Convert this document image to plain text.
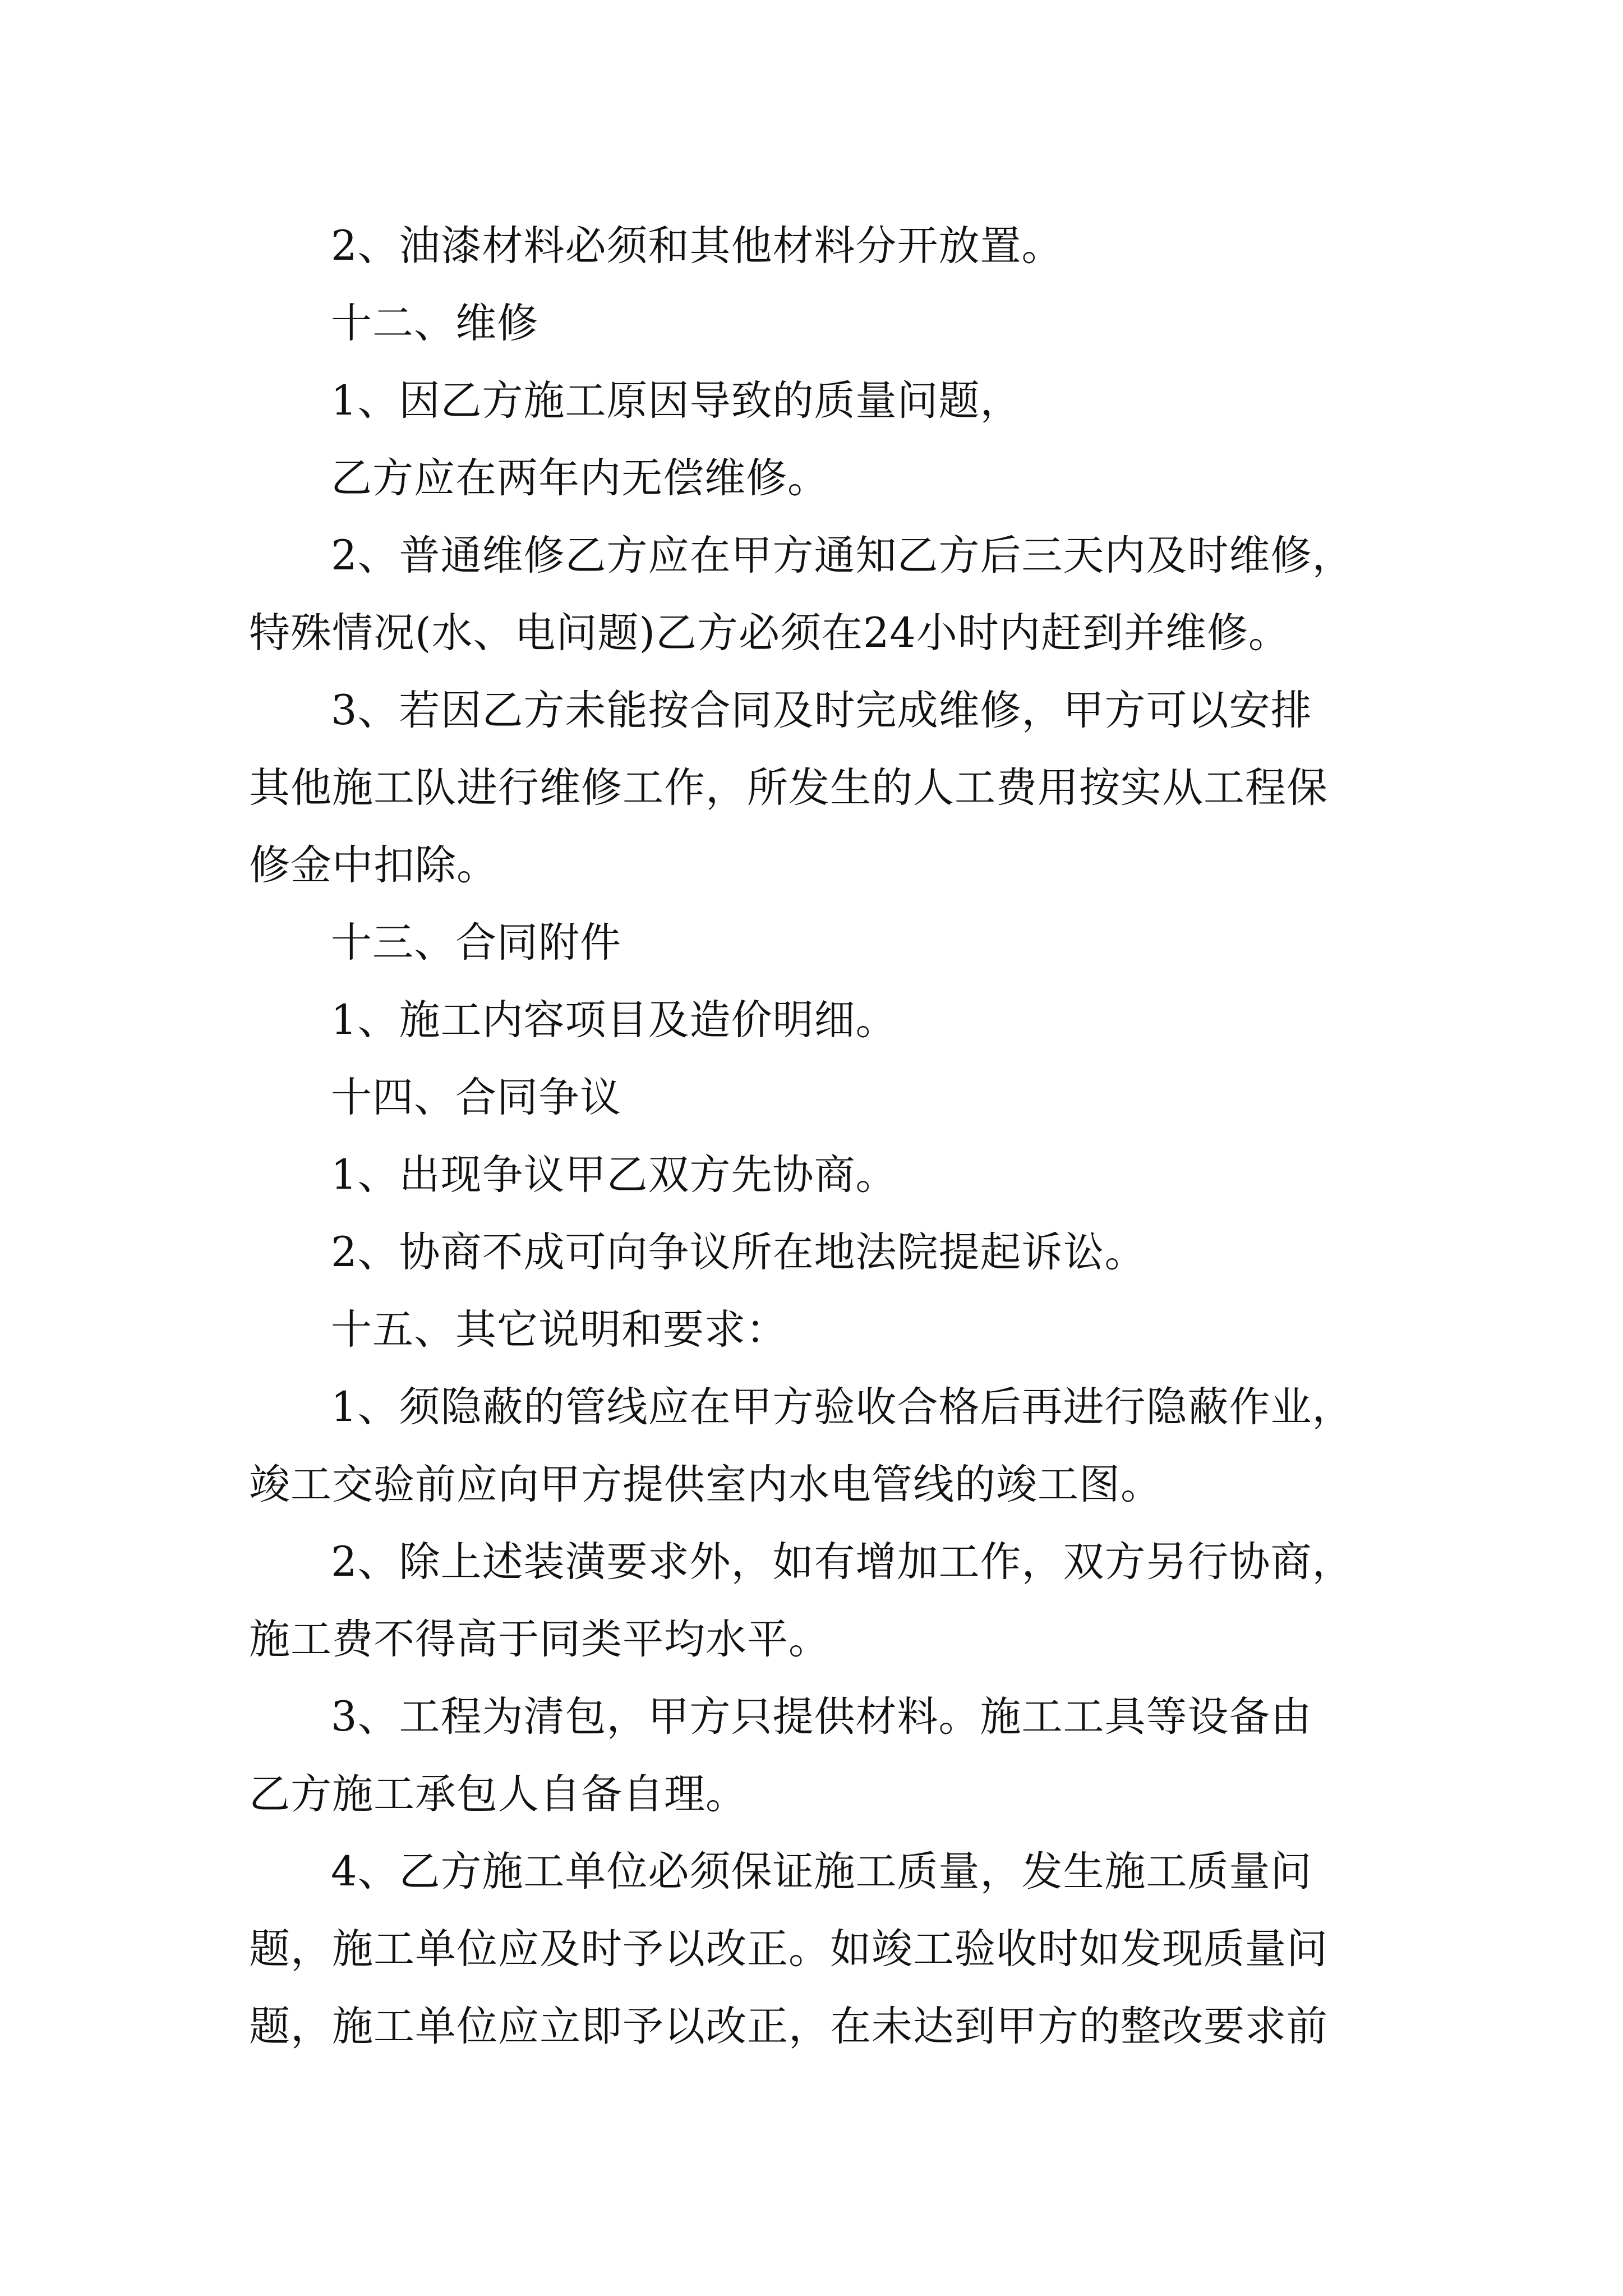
2、油漆材料必须和其他材料分开放置。

十二、维修

1、因乙方施工原因导致的质量问题，

乙方应在两年内无偿维修。

2、普通维修乙方应在甲方通知乙方后三天内及时维修，

特殊情况(水、电问题)乙方必须在24小时内赶到并维修。

3、若因乙方未能按合同及时完成维修，甲方可以安排

其他施工队进行维修工作，所发生的人工费用按实从工程保

修金中扣除。

十三、合同附件

1、施工内容项目及造价明细。

十四、合同争议

1、出现争议甲乙双方先协商。

2、协商不成可向争议所在地法院提起诉讼。

十五、其它说明和要求：

1、须隐蔽的管线应在甲方验收合格后再进行隐蔽作业，

竣工交验前应向甲方提供室内水电管线的竣工图。

2、除上述装潢要求外，如有增加工作，双方另行协商，

施工费不得高于同类平均水平。

3、工程为清包，甲方只提供材料。施工工具等设备由

乙方施工承包人自备自理。

4、乙方施工单位必须保证施工质量，发生施工质量问

题，施工单位应及时予以改正。如竣工验收时如发现质量问

题，施工单位应立即予以改正，在未达到甲方的整改要求前
